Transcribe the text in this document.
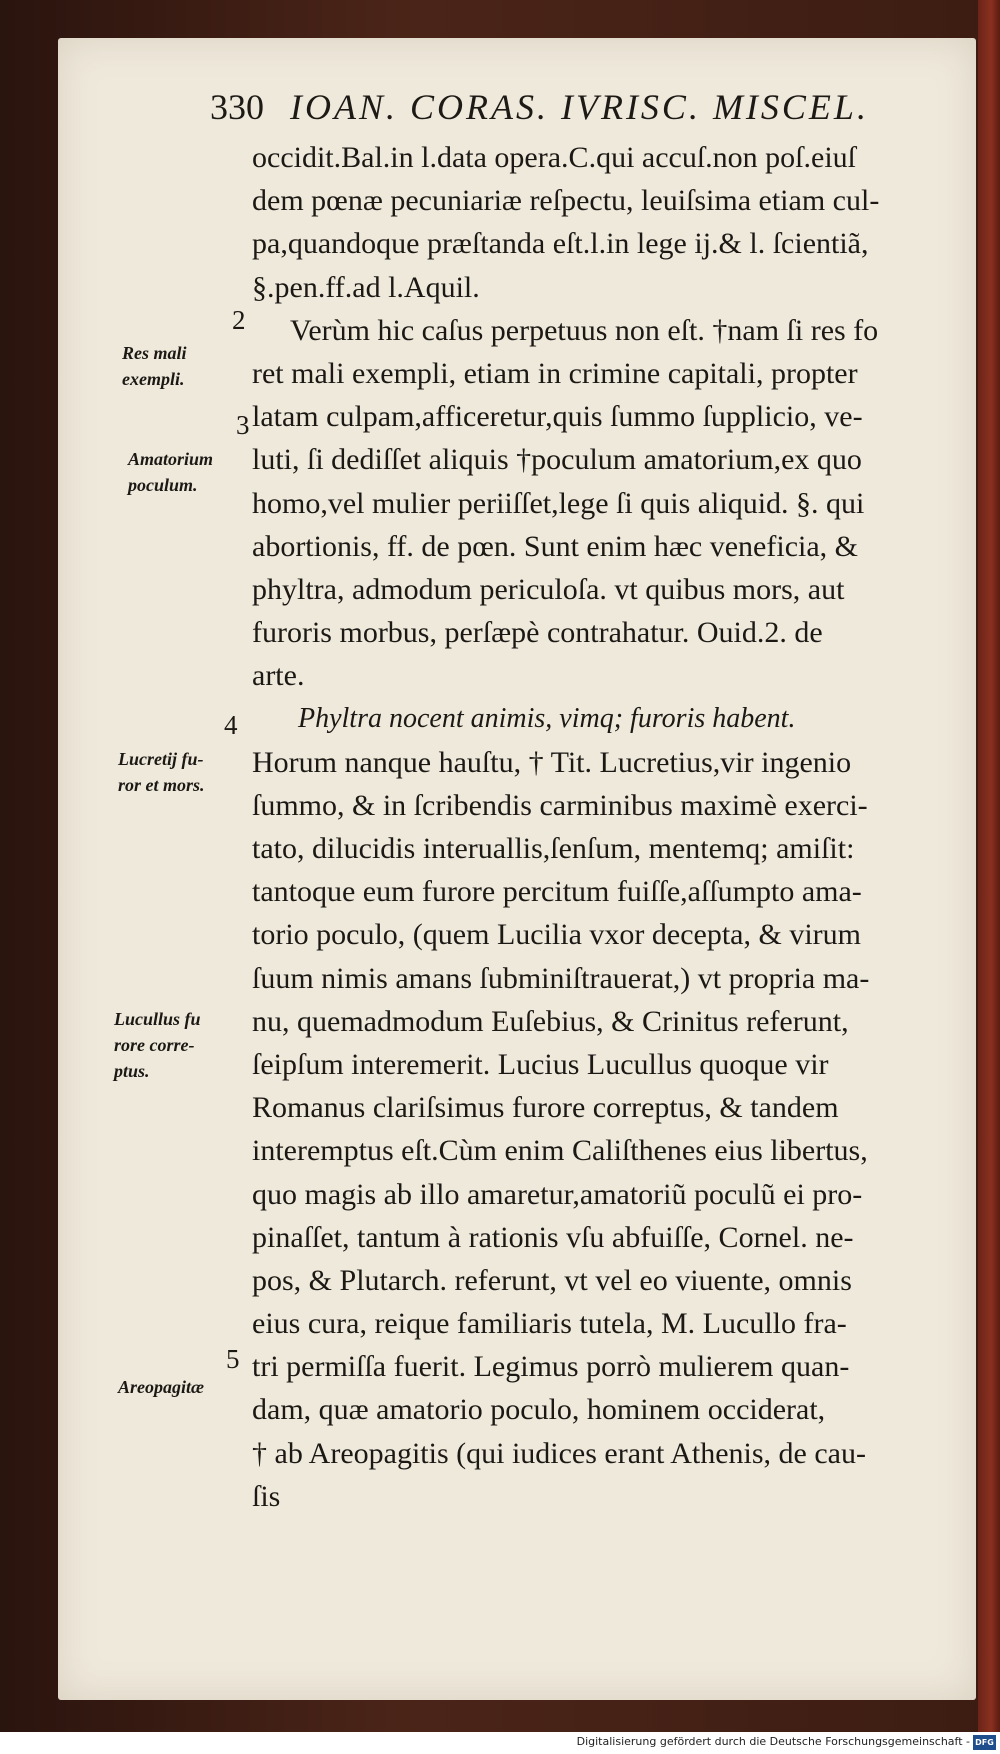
330 IOAN. CORAS. IVRISC. MISCEL.
occidit.Bal.in l.data opera.C.qui accuſ.non poſ.eiuſ
dem pœnæ pecuniariæ reſpectu, leuiſsima etiam cul-
pa,quandoque præſtanda eſt.l.in lege ij.& l. ſcientiã,
§.pen.ff.ad l.Aquil.
Verùm hic caſus perpetuus non eſt. †nam ſi res fo
ret mali exempli, etiam in crimine capitali, propter
latam culpam,afficeretur,quis ſummo ſupplicio, ve-
luti, ſi dediſſet aliquis †poculum amatorium,ex quo
homo,vel mulier periiſſet,lege ſi quis aliquid. §. qui
abortionis, ff. de pœn. Sunt enim hæc veneficia, &
phyltra, admodum periculoſa. vt quibus mors, aut
furoris morbus, perſæpè contrahatur. Ouid.2. de
arte.
Phyltra nocent animis, vimq; furoris habent.
Horum nanque hauſtu, † Tit. Lucretius,vir ingenio
ſummo, & in ſcribendis carminibus maximè exerci-
tato, dilucidis interuallis,ſenſum, mentemq; amiſit:
tantoque eum furore percitum fuiſſe,aſſumpto ama-
torio poculo, (quem Lucilia vxor decepta, & virum
ſuum nimis amans ſubminiſtrauerat,) vt propria ma-
nu, quemadmodum Euſebius, & Crinitus referunt,
ſeipſum interemerit. Lucius Lucullus quoque vir
Romanus clariſsimus furore correptus, & tandem
interemptus eſt.Cùm enim Caliſthenes eius libertus,
quo magis ab illo amaretur,amatoriũ poculũ ei pro-
pinaſſet, tantum à rationis vſu abfuiſſe, Cornel. ne-
pos, & Plutarch. referunt, vt vel eo viuente, omnis
eius cura, reique familiaris tutela, M. Lucullo fra-
tri permiſſa fuerit. Legimus porrò mulierem quan-
dam, quæ amatorio poculo, hominem occiderat,
† ab Areopagitis (qui iudices erant Athenis, de cau-
ſis
2
3
4
5
Res mali
exempli.
Amatorium
poculum.
Lucretij fu-
ror et mors.
Lucullus fu
rore corre-
ptus.
Areopagitæ
Digitalisierung gefördert durch die Deutsche Forschungsgemeinschaft - DFG
